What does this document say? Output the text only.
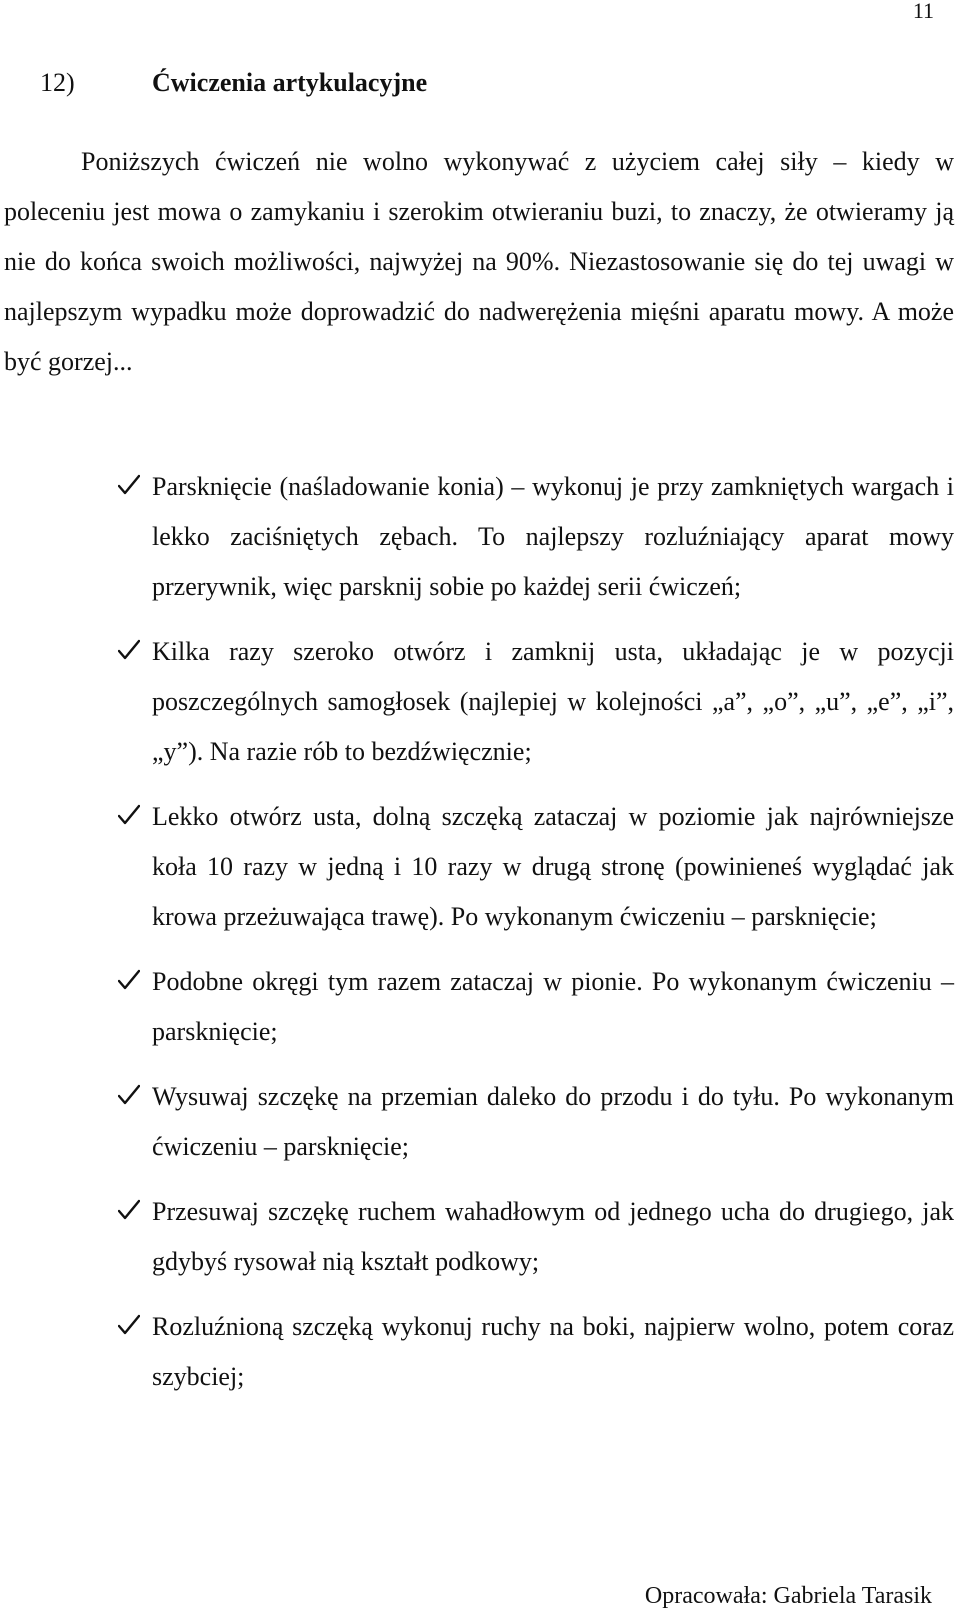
11
12)	Ćwiczenia artykulacyjne

Poniższych ćwiczeń nie wolno wykonywać z użyciem całej siły – kiedy w poleceniu jest mowa o zamykaniu i szerokim otwieraniu buzi, to znaczy, że otwieramy ją nie do końca swoich możliwości, najwyżej na 90%. Niezastosowanie się do tej uwagi w najlepszym wypadku może doprowadzić do nadwerężenia mięśni aparatu mowy. A może być gorzej...

Parsknięcie (naśladowanie konia) – wykonuj je przy zamkniętych wargach i lekko zaciśniętych zębach. To najlepszy rozluźniający aparat mowy przerywnik, więc parsknij sobie po każdej serii ćwiczeń;
Kilka razy szeroko otwórz i zamknij usta, układając je w pozycji poszczególnych samogłosek (najlepiej w kolejności „a”, „o”, „u”, „e”, „i”, „y”). Na razie rób to bezdźwięcznie;
Lekko otwórz usta, dolną szczęką zataczaj w poziomie jak najrówniejsze koła 10 razy w jedną i 10 razy w drugą stronę (powinieneś wyglądać jak krowa przeżuwająca trawę). Po wykonanym ćwiczeniu – parsknięcie;
Podobne okręgi tym razem zataczaj w pionie. Po wykonanym ćwiczeniu – parsknięcie;
Wysuwaj szczękę na przemian daleko do przodu i do tyłu. Po wykonanym ćwiczeniu – parsknięcie;
Przesuwaj szczękę ruchem wahadłowym od jednego ucha do drugiego, jak gdybyś rysował nią kształt podkowy;
Rozluźnioną szczęką wykonuj ruchy na boki, najpierw wolno, potem coraz szybciej;
Opracowała: Gabriela Tarasik
